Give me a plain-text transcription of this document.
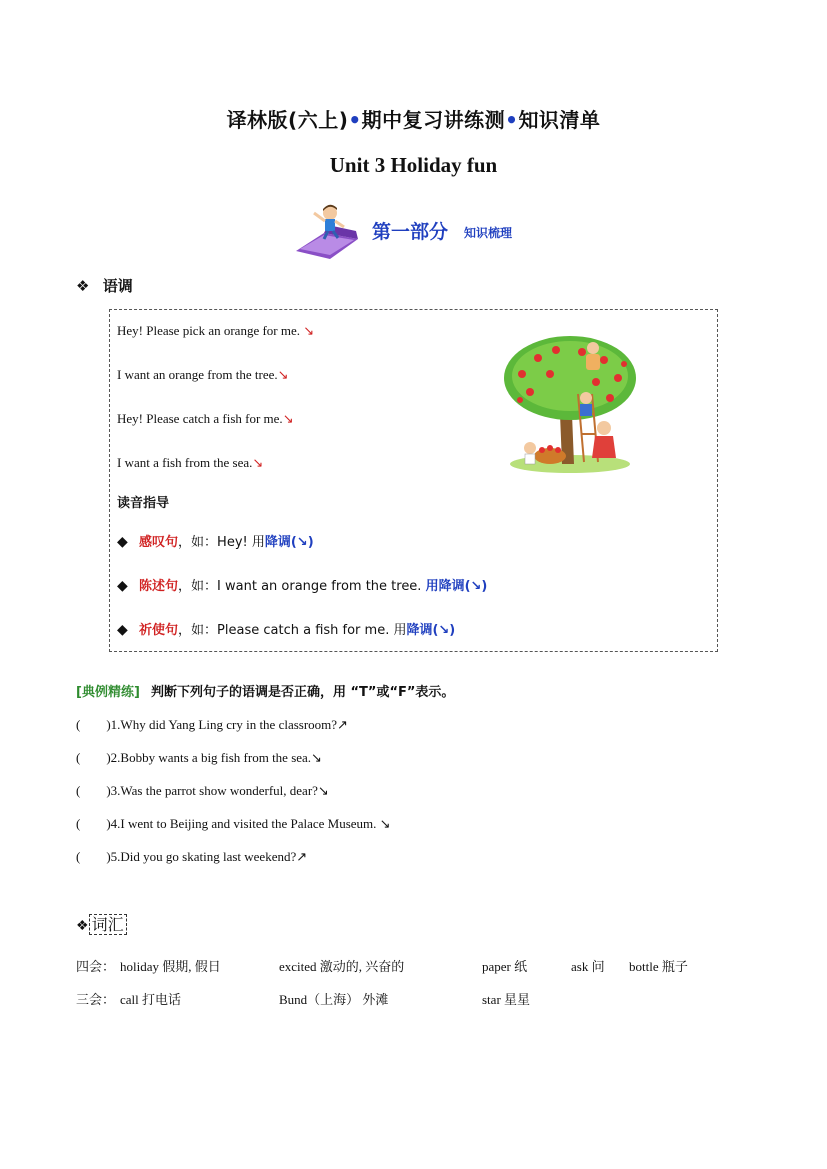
译林版(六上)•期中复习讲练测•知识清单
Unit 3 Holiday fun
第一部分 知识梳理
❖ 语调
Hey! Please pick an orange for me. ↘
I want an orange from the tree.↘
Hey! Please catch a fish for me.↘
I want a fish from the sea.↘
读音指导
◆ 感叹句，如：Hey! 用降调(↘)
◆ 陈述句，如：I want an orange from the tree. 用降调(↘)
◆ 祈使句，如：Please catch a fish for me. 用降调(↘)
[典例精练] 判断下列句子的语调是否正确，用 “T”或“F”表示。
(        )1.Why did Yang Ling cry in the classroom?↗
(        )2.Bobby wants a big fish from the sea.↘
(        )3.Was the parrot show wonderful, dear?↘
(        )4.I went to Beijing and visited the Palace Museum. ↘
(        )5.Did you go skating last weekend?↗
❖ 词汇
四会： holiday 假期, 假日	excited 激动的, 兴奋的	paper 纸	ask 问 bottle 瓶子
三会： call 打电话	Bund（上海） 外滩	star 星星
